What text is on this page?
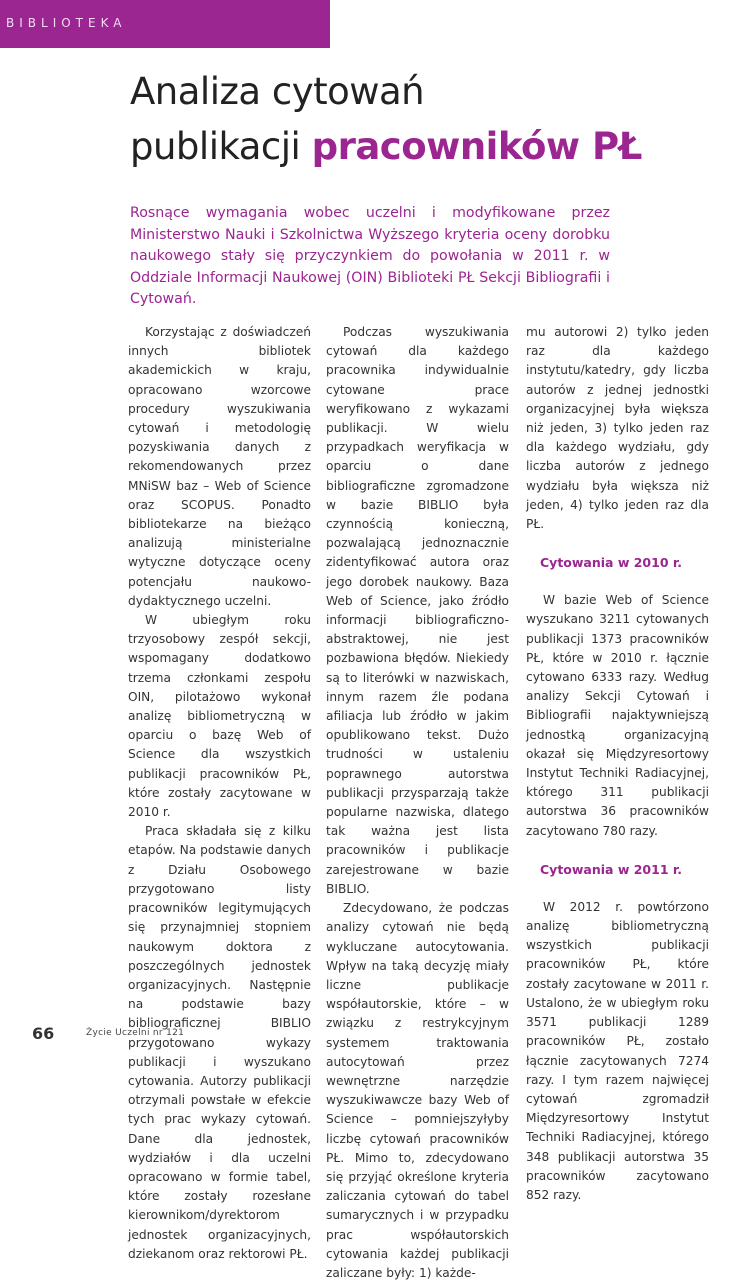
BIBLIOTEKA
Analiza cytowań
publikacji pracowników PŁ

Rosnące wymagania wobec uczelni i modyfikowane przez Ministerstwo Nauki i Szkolnictwa Wyższego kryteria oceny dorobku naukowego stały się przyczynkiem do powołania w 2011 r. w Oddziale Informacji Naukowej (OIN) Biblioteki PŁ Sekcji Bibliografii i Cytowań.

Korzystając z doświadczeń innych bibliotek akademickich w kraju, opracowano wzorcowe procedury wyszukiwania cytowań i metodologię pozyskiwania danych z rekomendowanych przez MNiSW baz – Web of Science oraz SCOPUS. Ponadto bibliotekarze na bieżąco analizują ministerialne wytyczne dotyczące oceny potencjału naukowo-dydaktycznego uczelni.

W ubiegłym roku trzyosobowy zespół sekcji, wspomagany dodatkowo trzema członkami zespołu OIN, pilotażowo wykonał analizę bibliometryczną w oparciu o bazę Web of Science dla wszystkich publikacji pracowników PŁ, które zostały zacytowane w 2010 r.

Praca składała się z kilku etapów. Na podstawie danych z Działu Osobowego przygotowano listy pracowników legitymujących się przynajmniej stopniem naukowym doktora z poszczególnych jednostek organizacyjnych. Następnie na podstawie bazy bibliograficznej BIBLIO przygotowano wykazy publikacji i wyszukano cytowania. Autorzy publikacji otrzymali powstałe w efekcie tych prac wykazy cytowań. Dane dla jednostek, wydziałów i dla uczelni opracowano w formie tabel, które zostały rozesłane kierownikom/dyrektorom jednostek organizacyjnych, dziekanom oraz rektorowi PŁ.

Podczas wyszukiwania cytowań dla każdego pracownika indywidualnie cytowane prace weryfikowano z wykazami publikacji. W wielu przypadkach weryfikacja w oparciu o dane bibliograficzne zgromadzone w bazie BIBLIO była czynnością konieczną, pozwalającą jednoznacznie zidentyfikować autora oraz jego dorobek naukowy. Baza Web of Science, jako źródło informacji bibliograficzno-abstraktowej, nie jest pozbawiona błędów. Niekiedy są to literówki w nazwiskach, innym razem źle podana afiliacja lub źródło w jakim opublikowano tekst. Dużo trudności w ustaleniu poprawnego autorstwa publikacji przysparzają także popularne nazwiska, dlatego tak ważna jest lista pracowników i publikacje zarejestrowane w bazie BIBLIO.

Zdecydowano, że podczas analizy cytowań nie będą wykluczane autocytowania. Wpływ na taką decyzję miały liczne publikacje współautorskie, które – w związku z restrykcyjnym systemem traktowania autocytowań przez wewnętrzne narzędzie wyszukiwawcze bazy Web of Science – pomniejszyłyby liczbę cytowań pracowników PŁ. Mimo to, zdecydowano się przyjąć określone kryteria zaliczania cytowań do tabel sumarycznych i w przypadku prac współautorskich cytowania każdej publikacji zaliczane były: 1) każde-

mu autorowi 2) tylko jeden raz dla każdego instytutu/katedry, gdy liczba autorów z jednej jednostki organizacyjnej była większa niż jeden, 3) tylko jeden raz dla każdego wydziału, gdy liczba autorów z jednego wydziału była większa niż jeden, 4) tylko jeden raz dla PŁ.

Cytowania w 2010 r.

W bazie Web of Science wyszukano 3211 cytowanych publikacji 1373 pracowników PŁ, które w 2010 r. łącznie cytowano 6333 razy. Według analizy Sekcji Cytowań i Bibliografii najaktywniejszą jednostką organizacyjną okazał się Międzyresortowy Instytut Techniki Radiacyjnej, którego 311 publikacji autorstwa 36 pracowników zacytowano 780 razy.

Cytowania w 2011 r.

W 2012 r. powtórzono analizę bibliometryczną wszystkich publikacji pracowników PŁ, które zostały zacytowane w 2011 r. Ustalono, że w ubiegłym roku 3571 publikacji 1289 pracowników PŁ, zostało łącznie zacytowanych 7274 razy. I tym razem najwięcej cytowań zgromadził Międzyresortowy Instytut Techniki Radiacyjnej, którego 348 publikacji autorstwa 35 pracowników zacytowano 852 razy.

66	Życie Uczelni nr 121
